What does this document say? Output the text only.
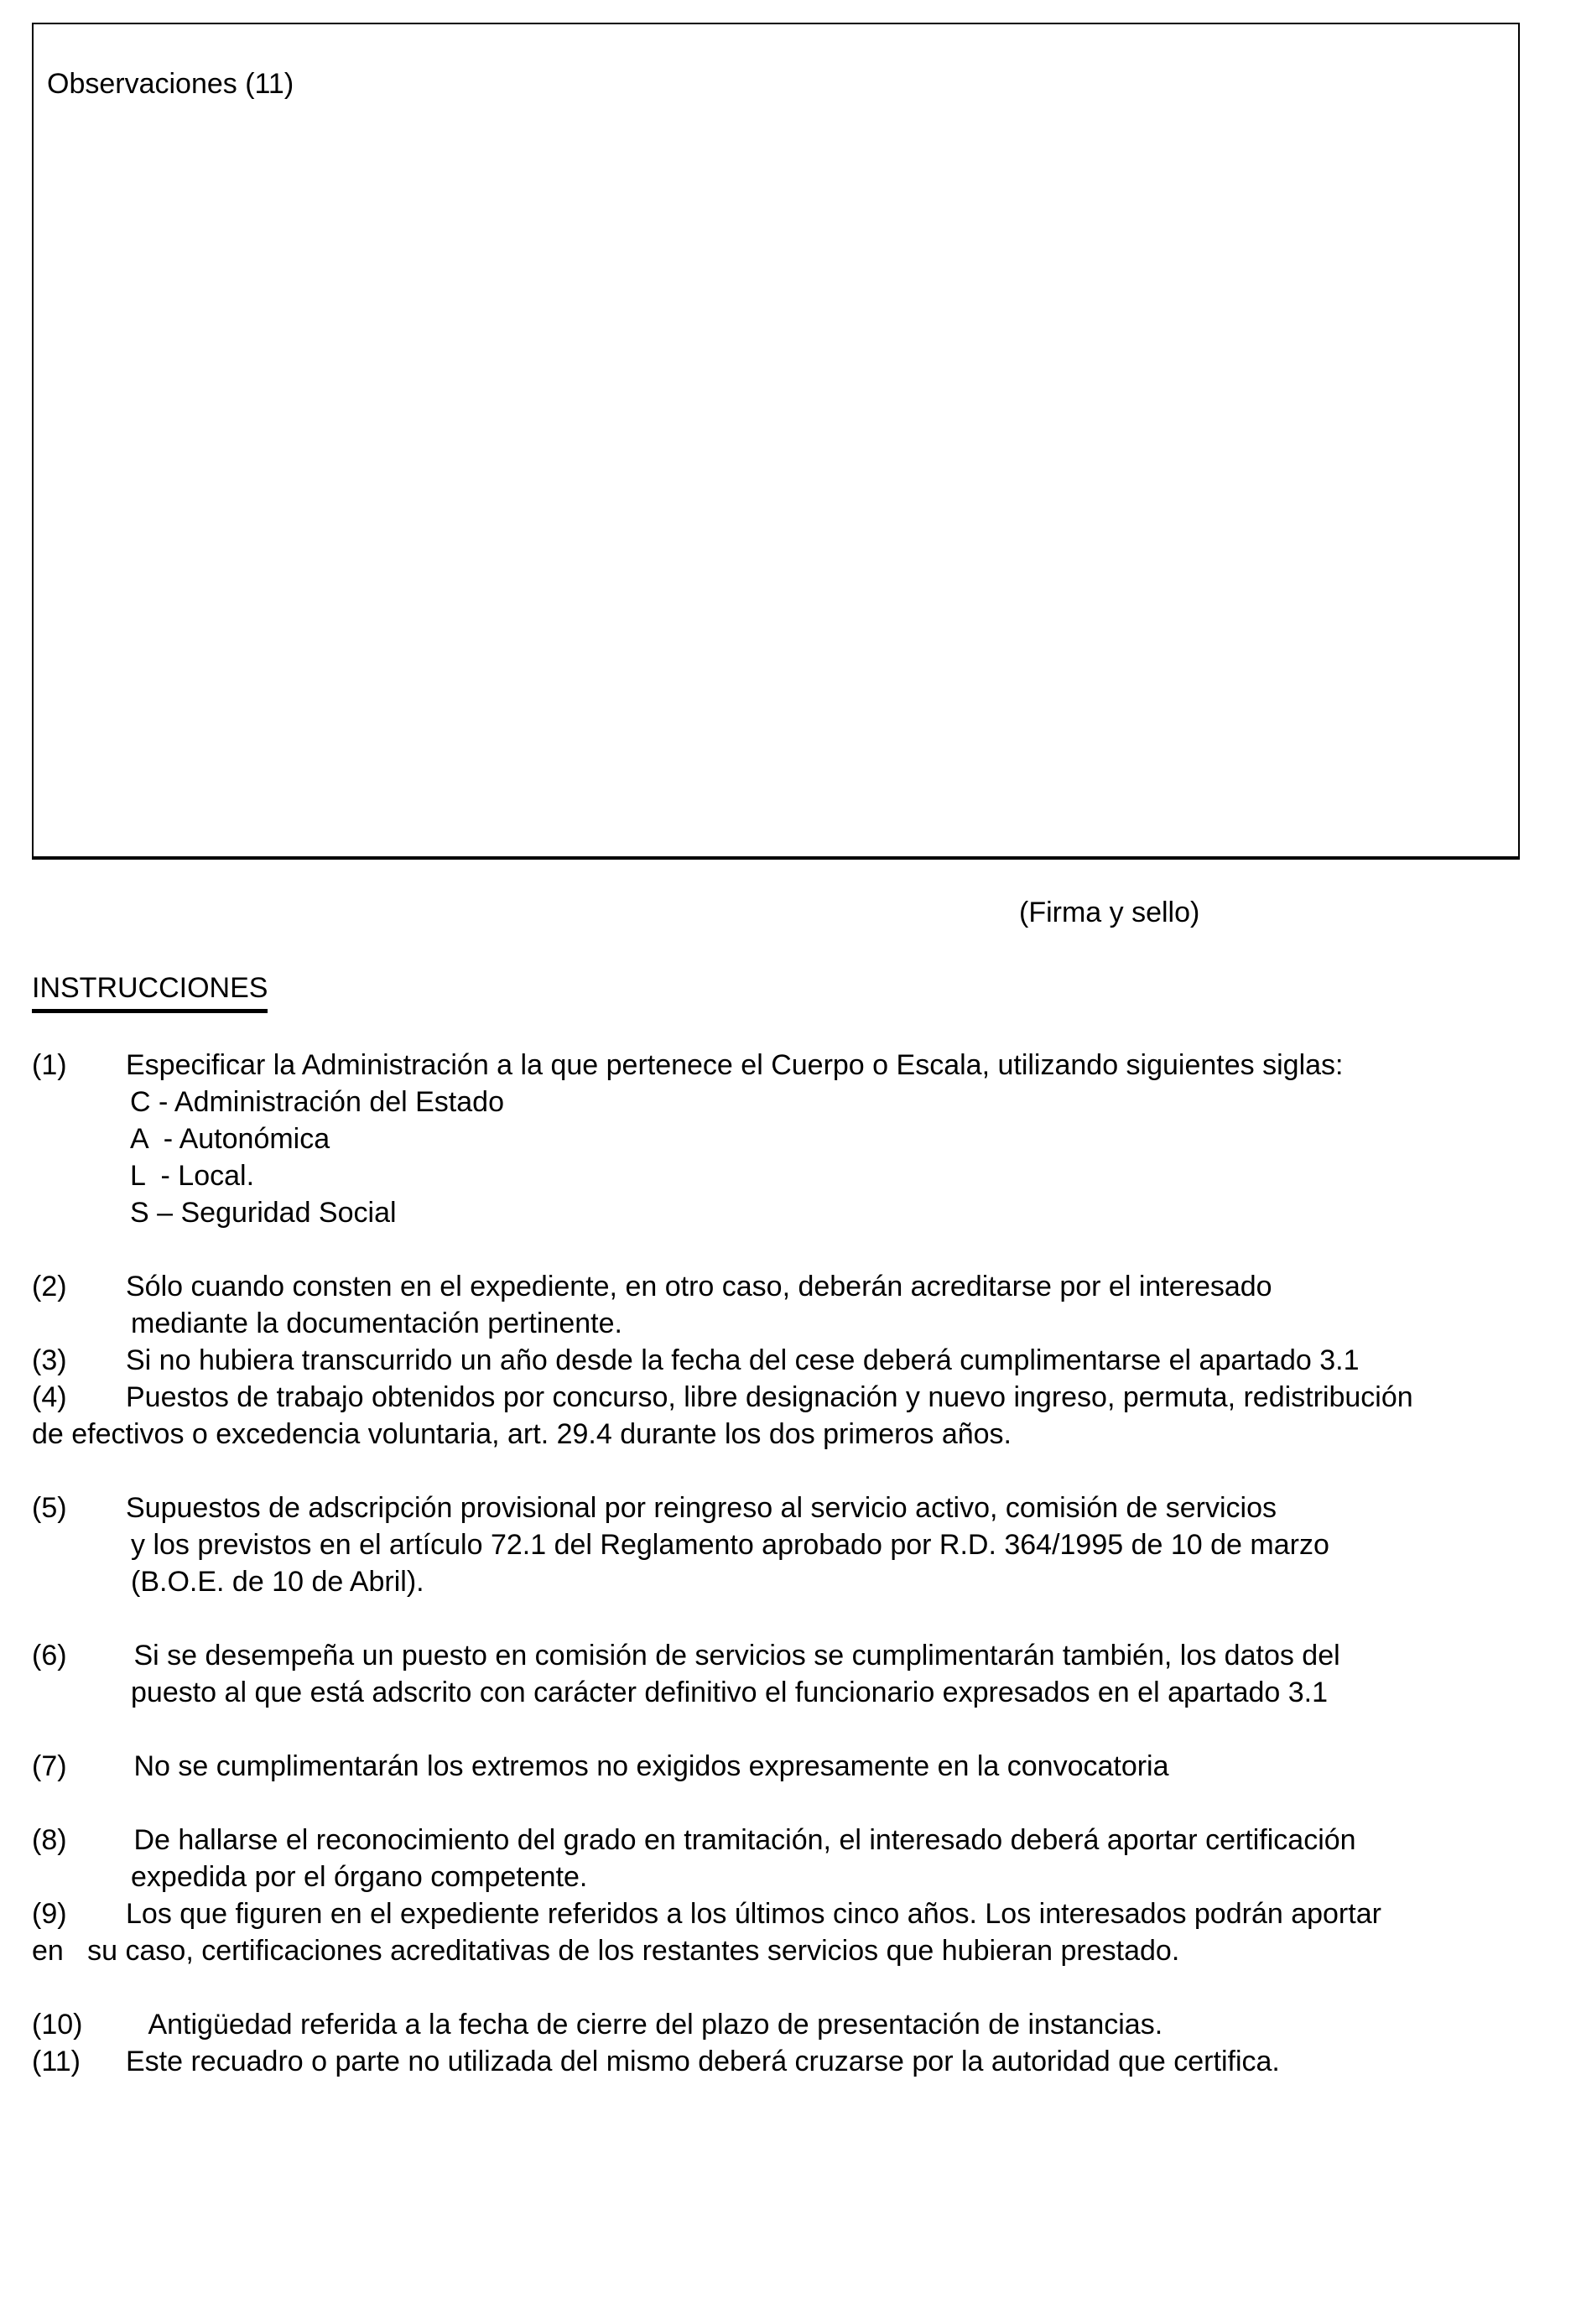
Observaciones (11)
(Firma y sello)
INSTRUCCIONES
(1) Especificar la Administración a la que pertenece el Cuerpo o Escala, utilizando siguientes siglas:
C - Administración del Estado
A  - Autonómica
L  - Local.
S – Seguridad Social
(2) Sólo cuando consten en el expediente, en otro caso, deberán acreditarse por el interesado
mediante la documentación pertinente.
(3) Si no hubiera transcurrido un año desde la fecha del cese deberá cumplimentarse el apartado 3.1
(4) Puestos de trabajo obtenidos por concurso, libre designación y nuevo ingreso, permuta, redistribución
de efectivos o excedencia voluntaria, art. 29.4 durante los dos primeros años.
(5) Supuestos de adscripción provisional por reingreso al servicio activo, comisión de servicios
y los previstos en el artículo 72.1 del Reglamento aprobado por R.D. 364/1995 de 10 de marzo
(B.O.E. de 10 de Abril).
(6) Si se desempeña un puesto en comisión de servicios se cumplimentarán también, los datos del
puesto al que está adscrito con carácter definitivo el funcionario expresados en el apartado 3.1
(7) No se cumplimentarán los extremos no exigidos expresamente en la convocatoria
(8) De hallarse el reconocimiento del grado en tramitación, el interesado deberá aportar certificación
expedida por el órgano competente.
(9) Los que figuren en el expediente referidos a los últimos cinco años. Los interesados podrán aportar
en   su caso, certificaciones acreditativas de los restantes servicios que hubieran prestado.
(10) Antigüedad referida a la fecha de cierre del plazo de presentación de instancias.
(11) Este recuadro o parte no utilizada del mismo deberá cruzarse por la autoridad que certifica.
